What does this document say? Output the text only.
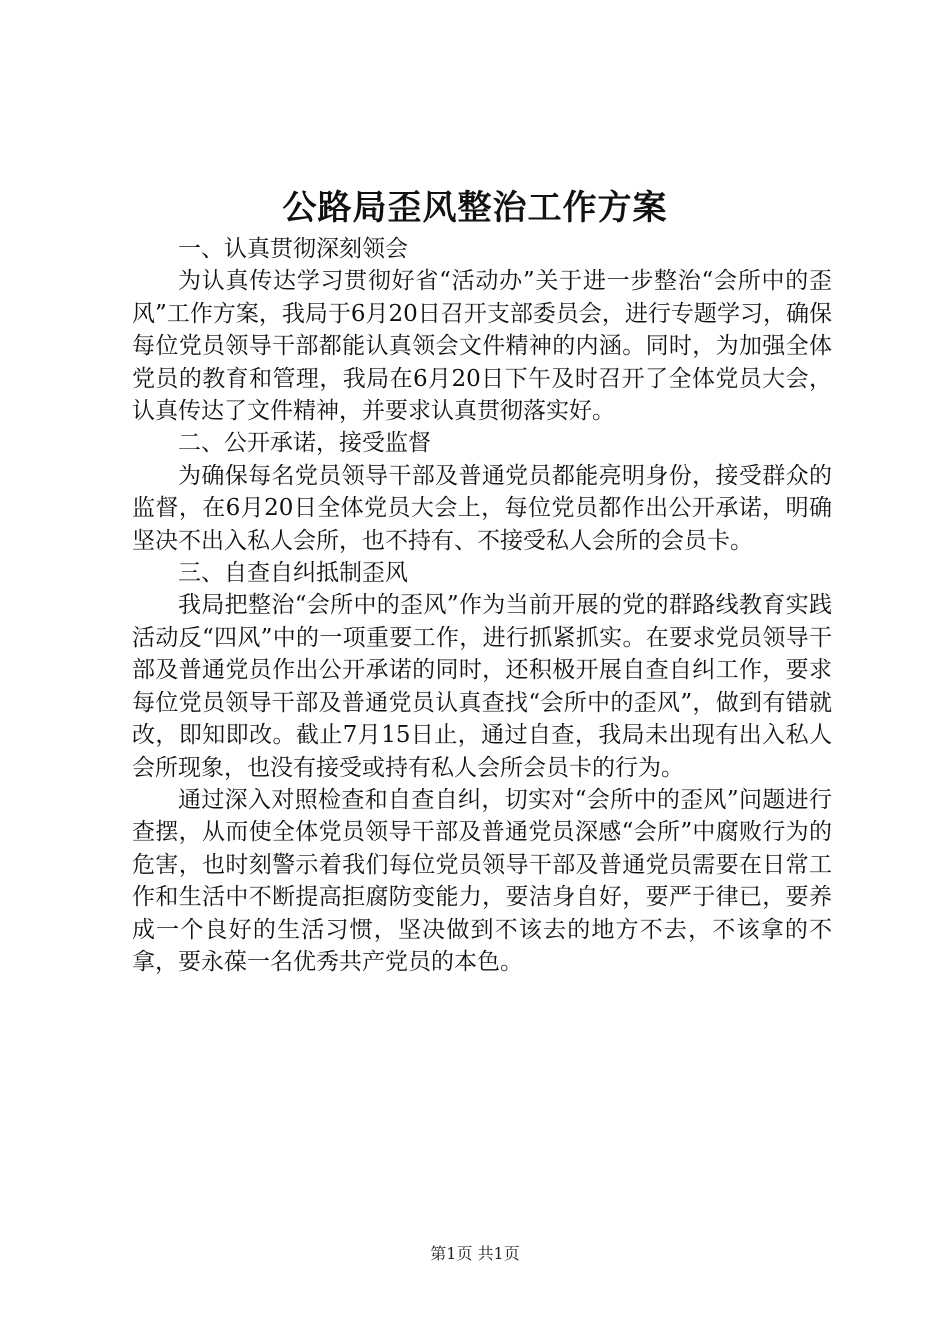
公路局歪风整治工作方案

一、认真贯彻深刻领会

为认真传达学习贯彻好省“活动办”关于进一步整治“会所中的歪风”工作方案，我局于6月20日召开支部委员会，进行专题学习，确保每位党员领导干部都能认真领会文件精神的内涵。同时，为加强全体党员的教育和管理，我局在6月20日下午及时召开了全体党员大会，认真传达了文件精神，并要求认真贯彻落实好。

二、公开承诺，接受监督

为确保每名党员领导干部及普通党员都能亮明身份，接受群众的监督，在6月20日全体党员大会上，每位党员都作出公开承诺，明确坚决不出入私人会所，也不持有、不接受私人会所的会员卡。

三、自查自纠抵制歪风

我局把整治“会所中的歪风”作为当前开展的党的群路线教育实践活动反“四风”中的一项重要工作，进行抓紧抓实。在要求党员领导干部及普通党员作出公开承诺的同时，还积极开展自查自纠工作，要求每位党员领导干部及普通党员认真查找“会所中的歪风”，做到有错就改，即知即改。截止7月15日止，通过自查，我局未出现有出入私人会所现象，也没有接受或持有私人会所会员卡的行为。

通过深入对照检查和自查自纠，切实对“会所中的歪风”问题进行查摆，从而使全体党员领导干部及普通党员深感“会所”中腐败行为的危害，也时刻警示着我们每位党员领导干部及普通党员需要在日常工作和生活中不断提高拒腐防变能力，要洁身自好，要严于律已，要养成一个良好的生活习惯，坚决做到不该去的地方不去，不该拿的不拿，要永葆一名优秀共产党员的本色。

第1页 共1页
